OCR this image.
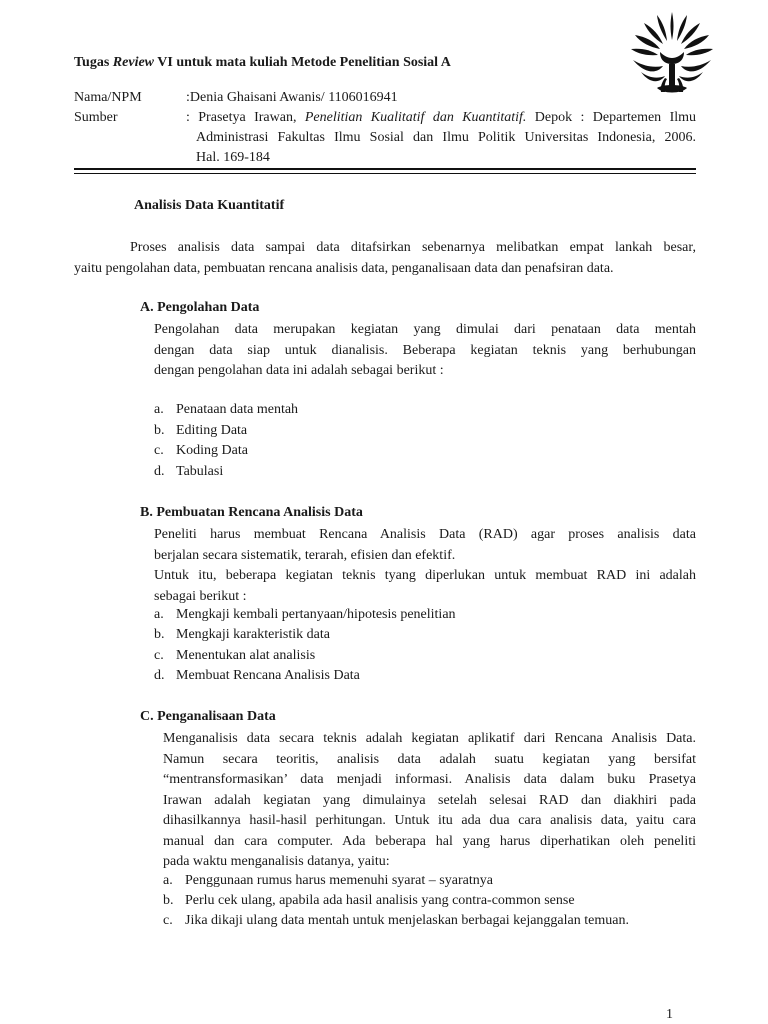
Tugas Review VI untuk mata kuliah Metode Penelitian Sosial A
Nama/NPM	:Denia Ghaisani Awanis/ 1106016941
Sumber	: Prasetya Irawan, Penelitian Kualitatif dan Kuantitatif. Depok : Departemen Ilmu
Administrasi Fakultas Ilmu Sosial dan Ilmu Politik Universitas Indonesia, 2006.
Hal. 169-184
Analisis Data Kuantitatif
Proses analisis data sampai data ditafsirkan sebenarnya melibatkan empat lankah besar,
yaitu pengolahan data, pembuatan rencana analisis data, penganalisaan data dan penafsiran data.
A. Pengolahan Data
Pengolahan data merupakan kegiatan yang dimulai dari penataan data mentah
dengan data siap untuk dianalisis. Beberapa kegiatan teknis yang berhubungan
dengan pengolahan data ini adalah sebagai berikut :
a. Penataan data mentah
b. Editing Data
c. Koding Data
d. Tabulasi
B. Pembuatan Rencana Analisis Data
Peneliti harus membuat Rencana Analisis Data (RAD) agar proses analisis data
berjalan secara sistematik, terarah, efisien dan efektif.
Untuk itu, beberapa kegiatan teknis tyang diperlukan untuk membuat RAD ini adalah
sebagai berikut :
a. Mengkaji kembali pertanyaan/hipotesis penelitian
b. Mengkaji karakteristik data
c. Menentukan alat analisis
d. Membuat Rencana Analisis Data
C. Penganalisaan Data
Menganalisis data secara teknis adalah kegiatan aplikatif dari Rencana Analisis Data.
Namun secara teoritis, analisis data adalah suatu kegiatan yang bersifat
“mentransformasikan’ data menjadi informasi. Analisis data dalam buku Prasetya
Irawan adalah kegiatan yang dimulainya setelah selesai RAD dan diakhiri pada
dihasilkannya hasil-hasil perhitungan. Untuk itu ada dua cara analisis data, yaitu cara
manual dan cara computer. Ada beberapa hal yang harus diperhatikan oleh peneliti
pada waktu menganalisis datanya, yaitu:
a. Penggunaan rumus harus memenuhi syarat – syaratnya
b. Perlu cek ulang, apabila ada hasil analisis yang contra-common sense
c. Jika dikaji ulang data mentah untuk menjelaskan berbagai kejanggalan temuan.
1
